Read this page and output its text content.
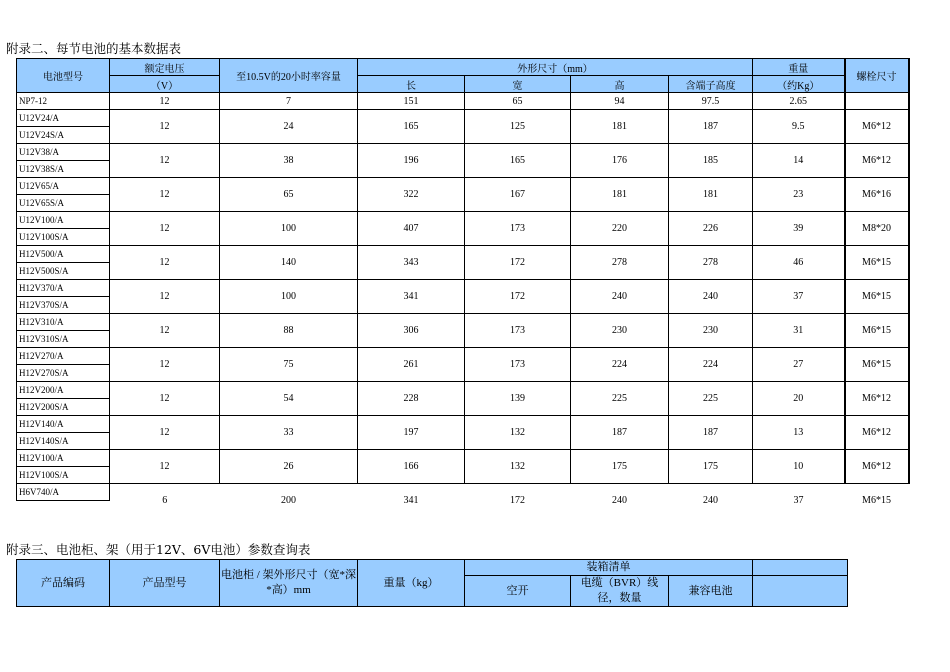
附录二、每节电池的基本数据表
电池型号	额定电压	至10.5V的20小时率容量	外形尺寸（mm）				重量	螺栓尺寸
	（V）		长	宽	高	含端子高度	（约Kg）	
NP7-12	12	7	151	65	94	97.5	2.65	

U12V24/A
U12V24S/A	12	24	165	125	181	187	9.5	M6*12

U12V38/A
U12V38S/A	12	38	196	165	176	185	14	M6*12

U12V65/A
U12V65S/A	12	65	322	167	181	181	23	M6*16

U12V100/A
U12V100S/A	12	100	407	173	220	226	39	M8*20

H12V500/A
H12V500S/A	12	140	343	172	278	278	46	M6*15

H12V370/A
H12V370S/A	12	100	341	172	240	240	37	M6*15

H12V310/A
H12V310S/A	12	88	306	173	230	230	31	M6*15

H12V270/A
H12V270S/A	12	75	261	173	224	224	27	M6*15

H12V200/A
H12V200S/A	12	54	228	139	225	225	20	M6*12

H12V140/A
H12V140S/A	12	33	197	132	187	187	13	M6*12

H12V100/A
H12V100S/A	12	26	166	132	175	175	10	M6*12
H6V740/A	6	200	341	172	240	240	37	M6*15

附录三、电池柜、架（用于12V、6V电池）参数查询表
产品编码	产品型号	电池柜 / 架外形尺寸（宽*深*高）mm	重量（kg）	装箱清单			
				空开	电缆（BVR）线径，数量	兼容电池	
